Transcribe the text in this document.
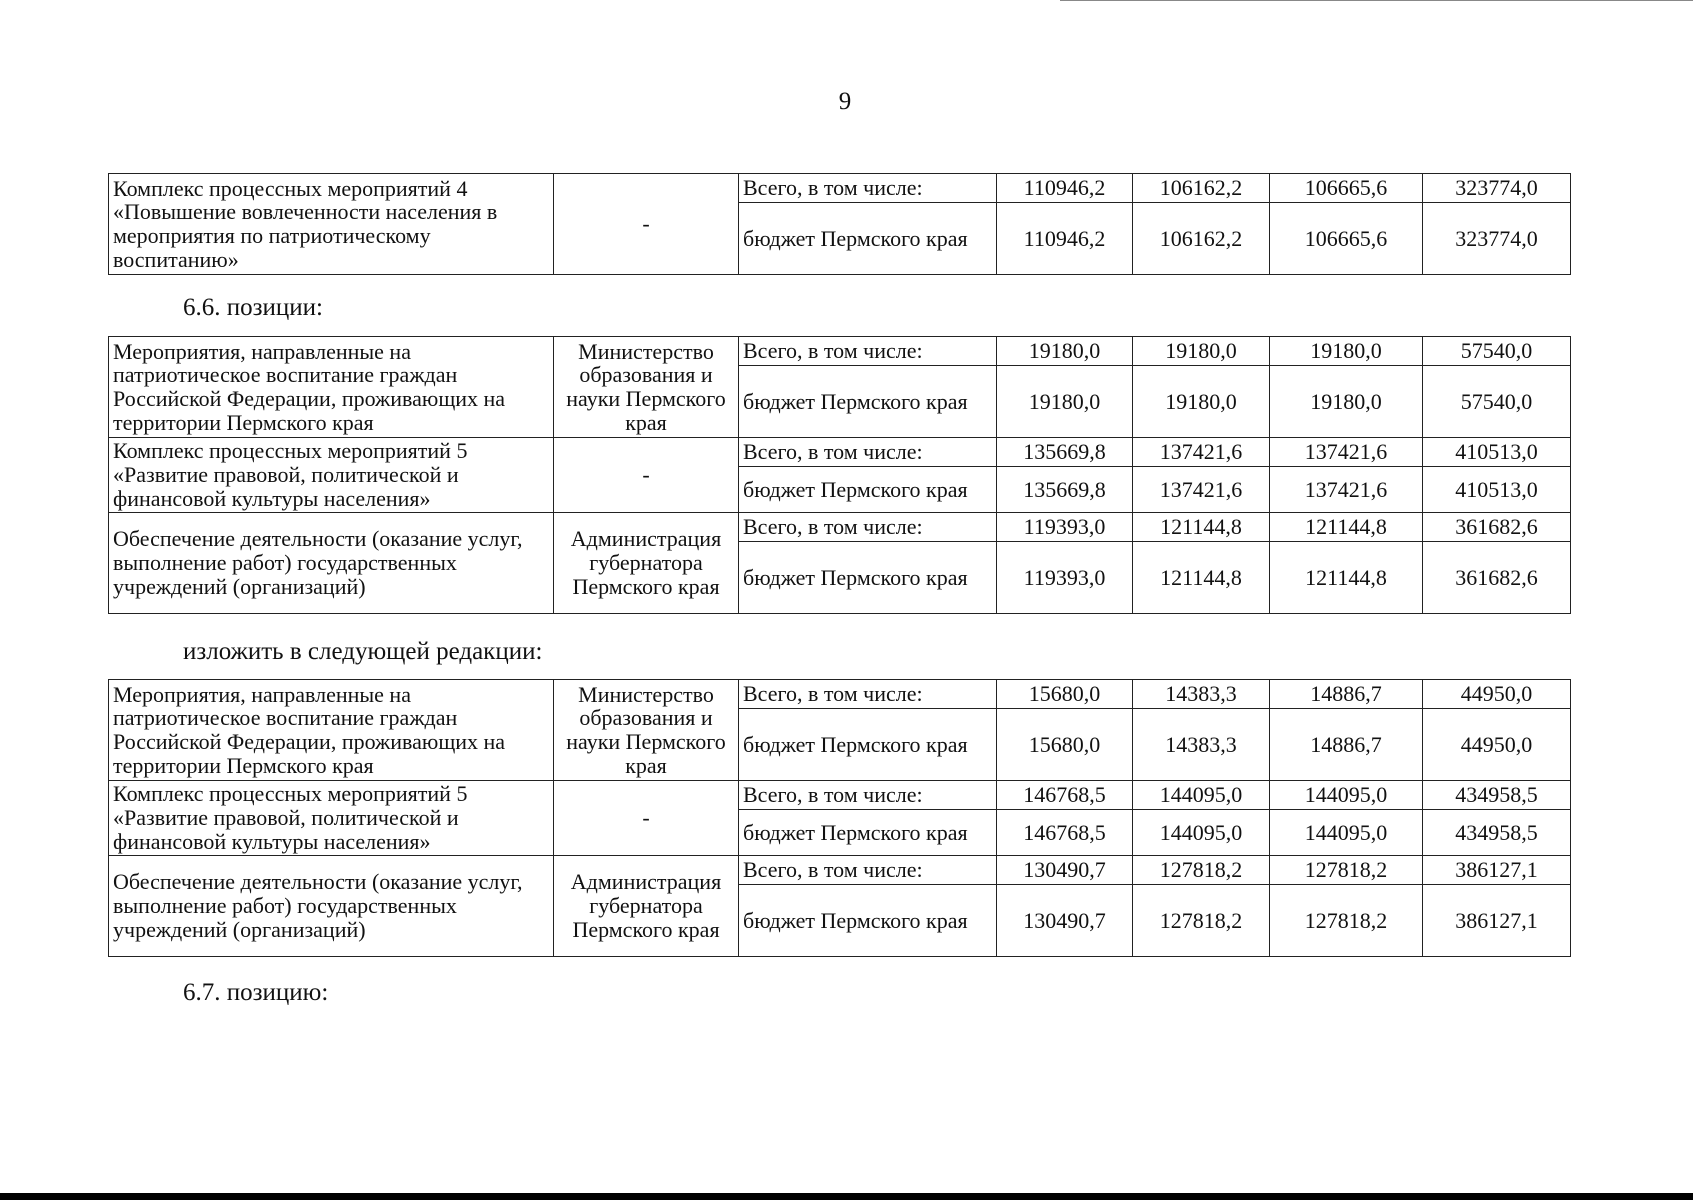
9
Комплекс процессных мероприятий 4 «Повышение вовлеченности населения в мероприятия по патриотическому воспитанию»	-	Всего, в том числе:	110946,2	106162,2	106665,6	323774,0
		бюджет Пермского края	110946,2	106162,2	106665,6	323774,0
6.6. позиции:
Мероприятия, направленные на патриотическое воспитание граждан Российской Федерации, проживающих на территории Пермского края	Министерство образования и науки Пермского края	Всего, в том числе:	19180,0	19180,0	19180,0	57540,0
		бюджет Пермского края	19180,0	19180,0	19180,0	57540,0
Комплекс процессных мероприятий 5 «Развитие правовой, политической и финансовой культуры населения»	-	Всего, в том числе:	135669,8	137421,6	137421,6	410513,0
		бюджет Пермского края	135669,8	137421,6	137421,6	410513,0
Обеспечение деятельности (оказание услуг, выполнение работ) государственных учреждений (организаций)	Администрация губернатора Пермского края	Всего, в том числе:	119393,0	121144,8	121144,8	361682,6
		бюджет Пермского края	119393,0	121144,8	121144,8	361682,6
изложить в следующей редакции:
Мероприятия, направленные на патриотическое воспитание граждан Российской Федерации, проживающих на территории Пермского края	Министерство образования и науки Пермского края	Всего, в том числе:	15680,0	14383,3	14886,7	44950,0
		бюджет Пермского края	15680,0	14383,3	14886,7	44950,0
Комплекс процессных мероприятий 5 «Развитие правовой, политической и финансовой культуры населения»	-	Всего, в том числе:	146768,5	144095,0	144095,0	434958,5
		бюджет Пермского края	146768,5	144095,0	144095,0	434958,5
Обеспечение деятельности (оказание услуг, выполнение работ) государственных учреждений (организаций)	Администрация губернатора Пермского края	Всего, в том числе:	130490,7	127818,2	127818,2	386127,1
		бюджет Пермского края	130490,7	127818,2	127818,2	386127,1
6.7. позицию:
